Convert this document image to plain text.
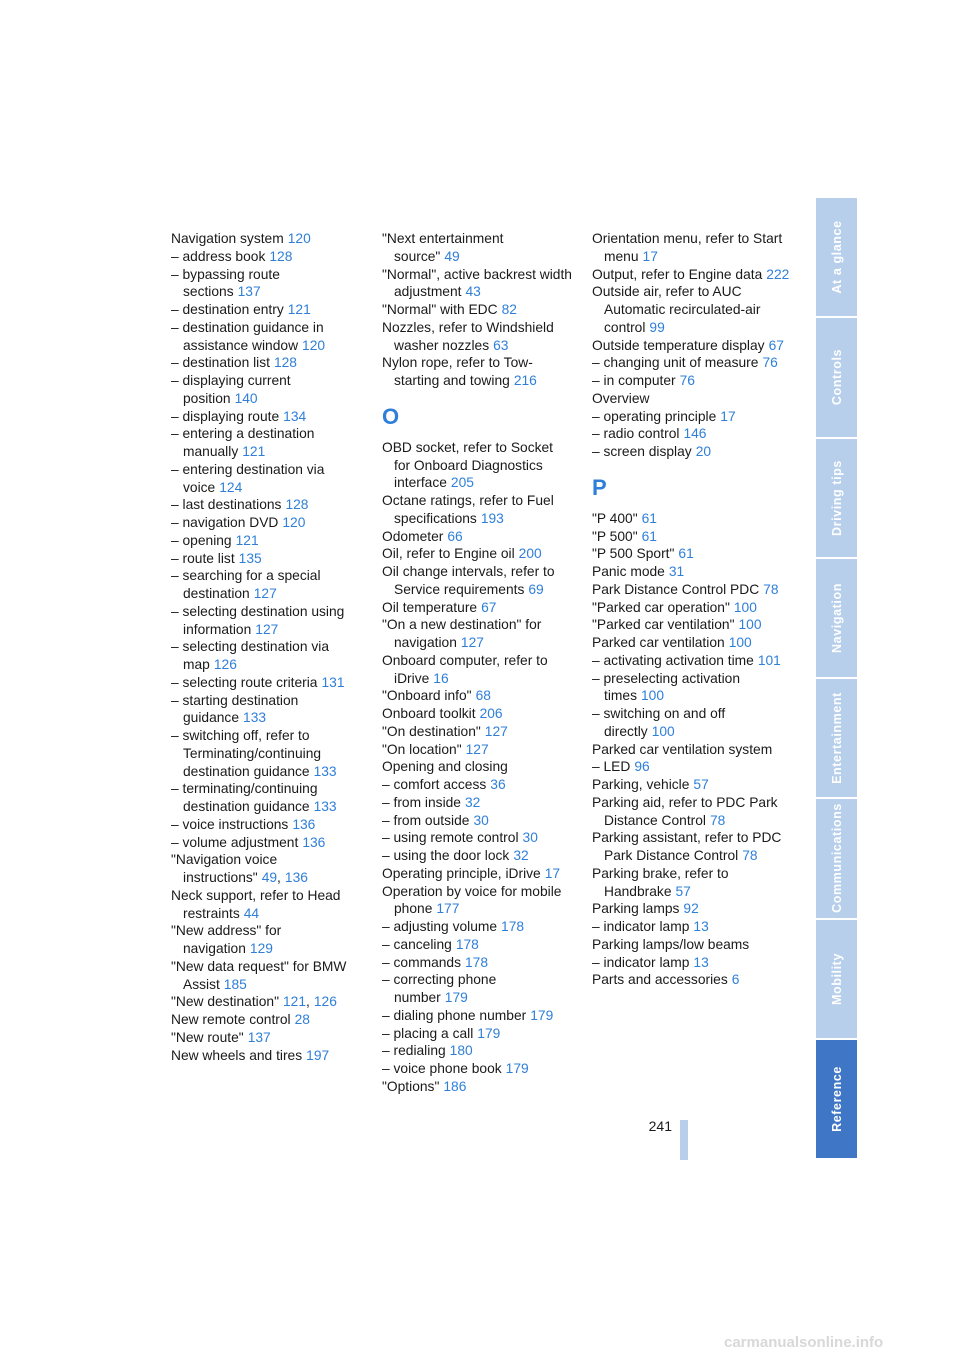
Navigation system 120
– address book 128
– bypassing route sections 137
– destination entry 121
– destination guidance in assistance window 120
– destination list 128
– displaying current position 140
– displaying route 134
– entering a destination manually 121
– entering destination via voice 124
– last destinations 128
– navigation DVD 120
– opening 121
– route list 135
– searching for a special destination 127
– selecting destination using information 127
– selecting destination via map 126
– selecting route criteria 131
– starting destination guidance 133
– switching off, refer to Terminating/continuing destination guidance 133
– terminating/continuing destination guidance 133
– voice instructions 136
– volume adjustment 136
"Navigation voice instructions" 49, 136
Neck support, refer to Head restraints 44
"New address" for navigation 129
"New data request" for BMW Assist 185
"New destination" 121, 126
New remote control 28
"New route" 137
New wheels and tires 197
"Next entertainment source" 49
"Normal", active backrest width adjustment 43
"Normal" with EDC 82
Nozzles, refer to Windshield washer nozzles 63
Nylon rope, refer to Tow-starting and towing 216
O
OBD socket, refer to Socket for Onboard Diagnostics interface 205
Octane ratings, refer to Fuel specifications 193
Odometer 66
Oil, refer to Engine oil 200
Oil change intervals, refer to Service requirements 69
Oil temperature 67
"On a new destination" for navigation 127
Onboard computer, refer to iDrive 16
"Onboard info" 68
Onboard toolkit 206
"On destination" 127
"On location" 127
Opening and closing
– comfort access 36
– from inside 32
– from outside 30
– using remote control 30
– using the door lock 32
Operating principle, iDrive 17
Operation by voice for mobile phone 177
– adjusting volume 178
– canceling 178
– commands 178
– correcting phone number 179
– dialing phone number 179
– placing a call 179
– redialing 180
– voice phone book 179
"Options" 186
Orientation menu, refer to Start menu 17
Output, refer to Engine data 222
Outside air, refer to AUC Automatic recirculated-air control 99
Outside temperature display 67
– changing unit of measure 76
– in computer 76
Overview
– operating principle 17
– radio control 146
– screen display 20
P
"P 400" 61
"P 500" 61
"P 500 Sport" 61
Panic mode 31
Park Distance Control PDC 78
"Parked car operation" 100
"Parked car ventilation" 100
Parked car ventilation 100
– activating activation time 101
– preselecting activation times 100
– switching on and off directly 100
Parked car ventilation system
– LED 96
Parking, vehicle 57
Parking aid, refer to PDC Park Distance Control 78
Parking assistant, refer to PDC Park Distance Control 78
Parking brake, refer to Handbrake 57
Parking lamps 92
– indicator lamp 13
Parking lamps/low beams
– indicator lamp 13
Parts and accessories 6
At a glance
Controls
Driving tips
Navigation
Entertainment
Communications
Mobility
Reference
241
carmanualsonline.info
